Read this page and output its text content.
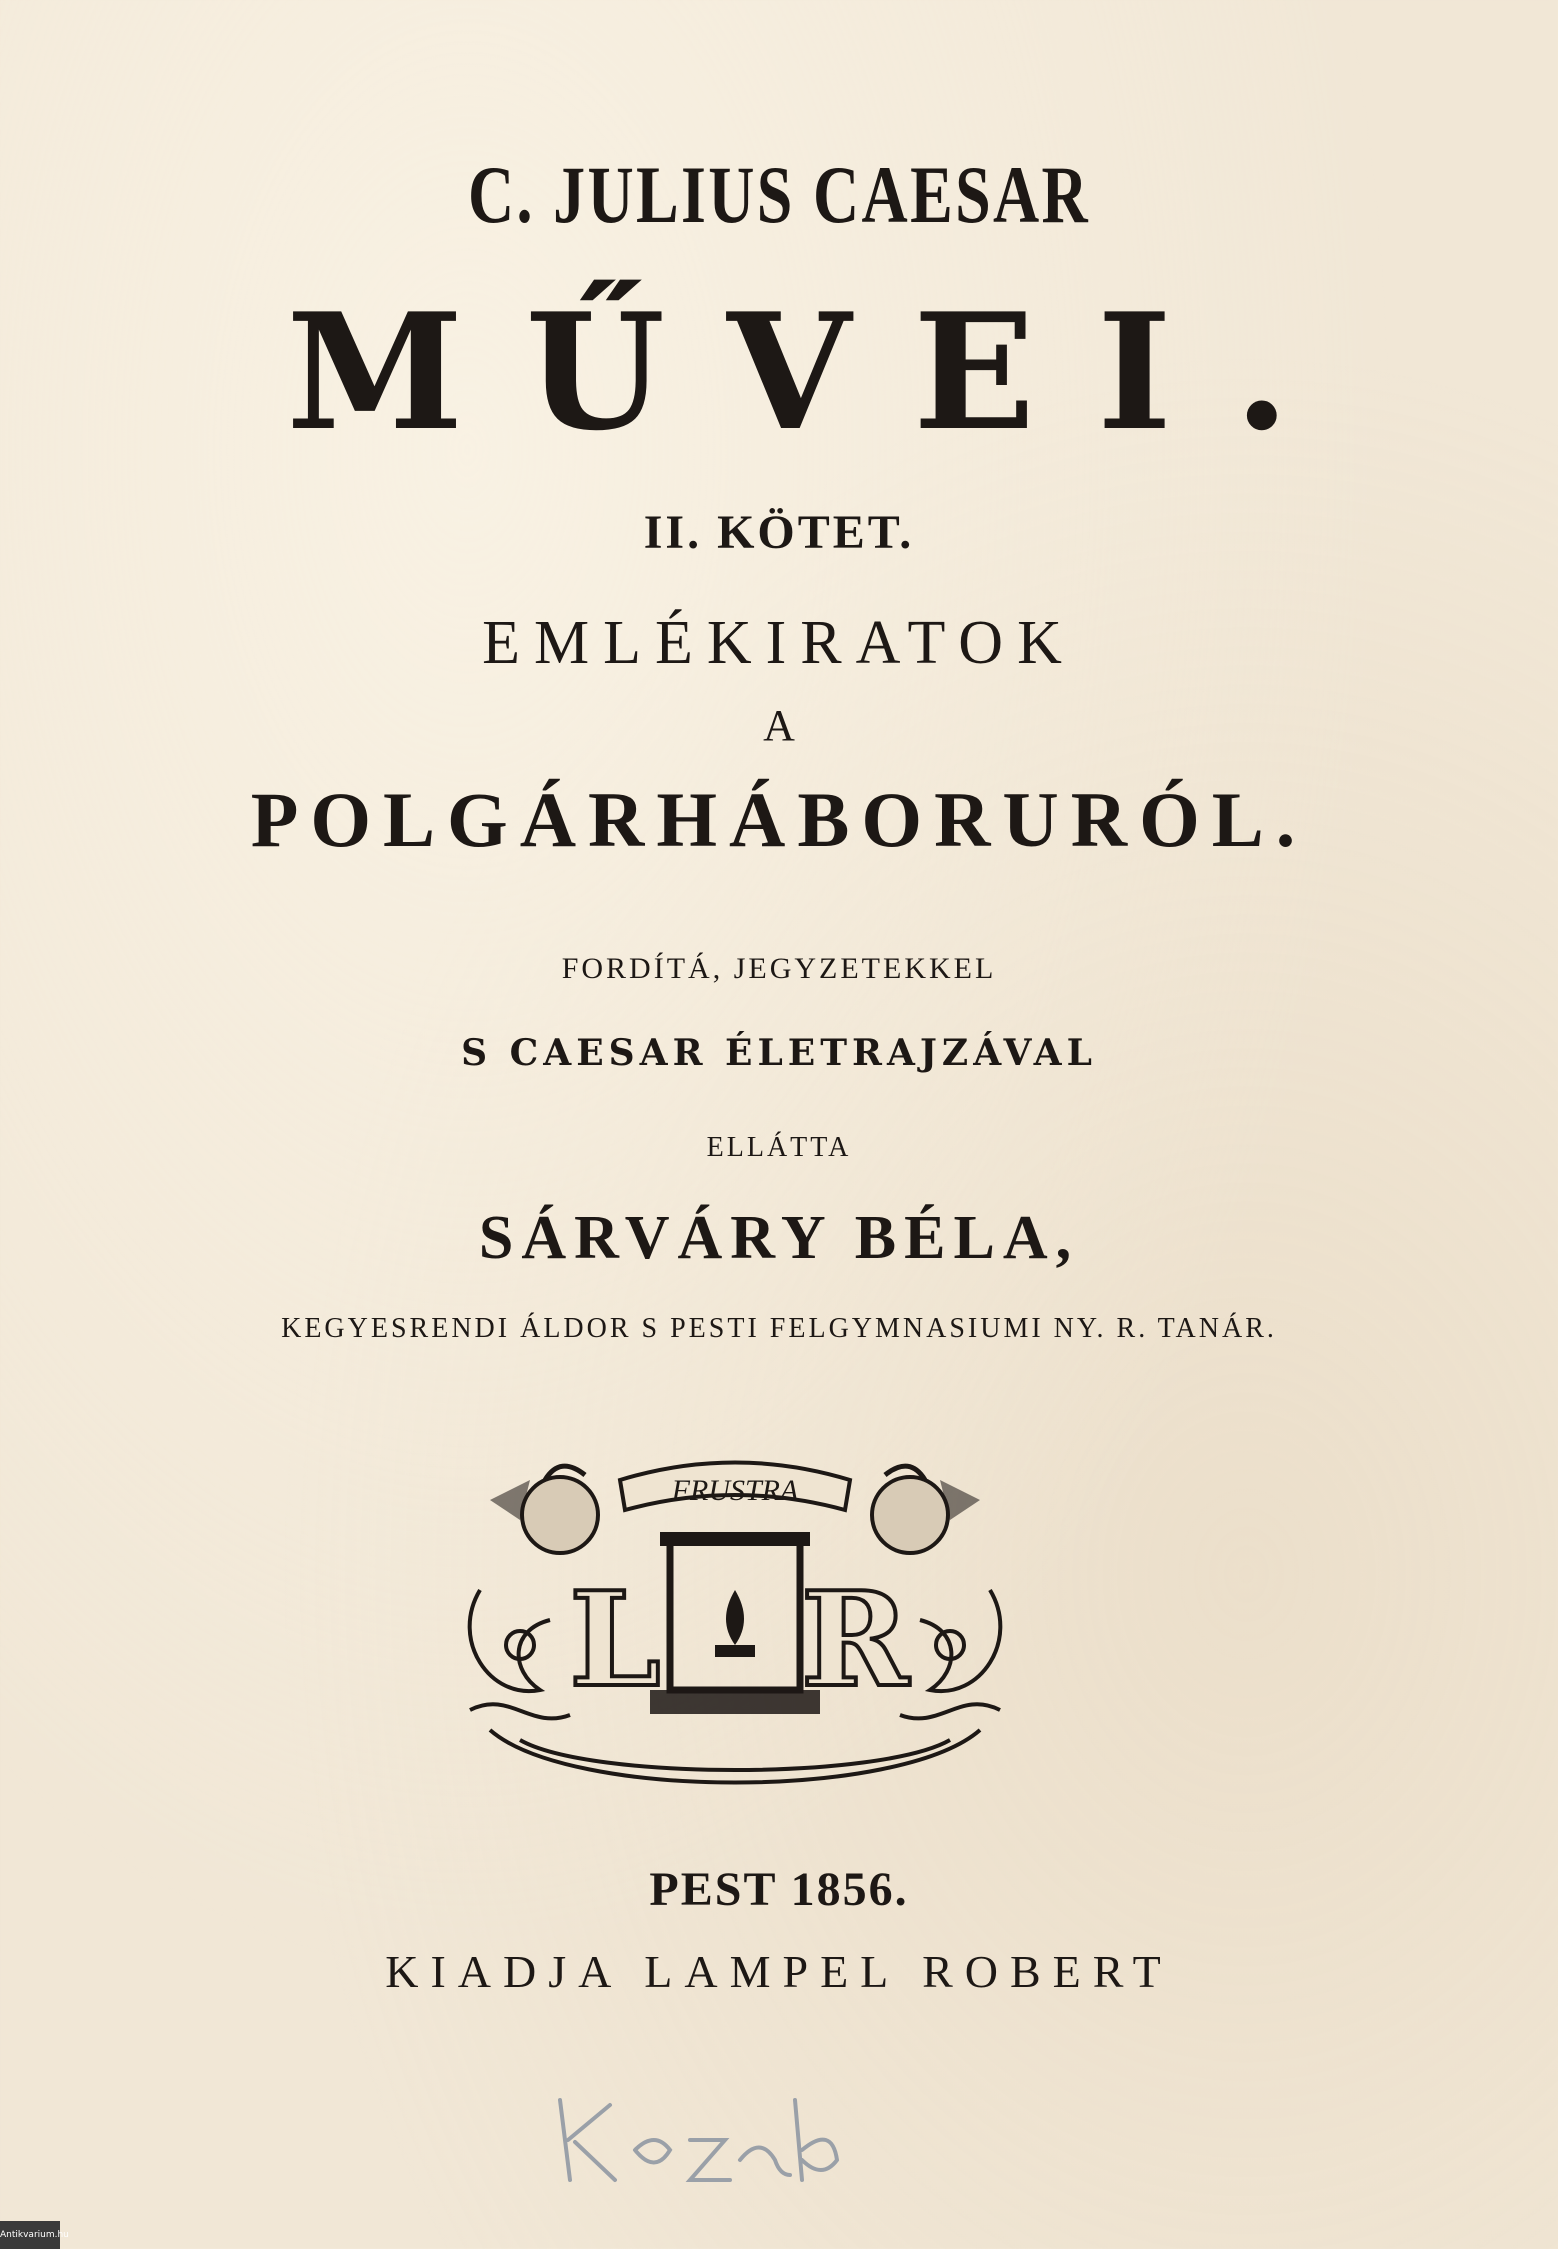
C. JULIUS CAESAR
MŰVEI.
II. KÖTET.
EMLÉKIRATOK
A
POLGÁRHÁBORURÓL.
FORDÍTÁ, JEGYZETEKKEL
S CAESAR ÉLETRAJZÁVAL
ELLÁTTA
SÁRVÁRY BÉLA,
KEGYESRENDI ÁLDOR S PESTI FELGYMNASIUMI NY. R. TANÁR.
FRUSTRA
L R
PEST 1856.
KIADJA LAMPEL ROBERT
Antikvarium.hu
